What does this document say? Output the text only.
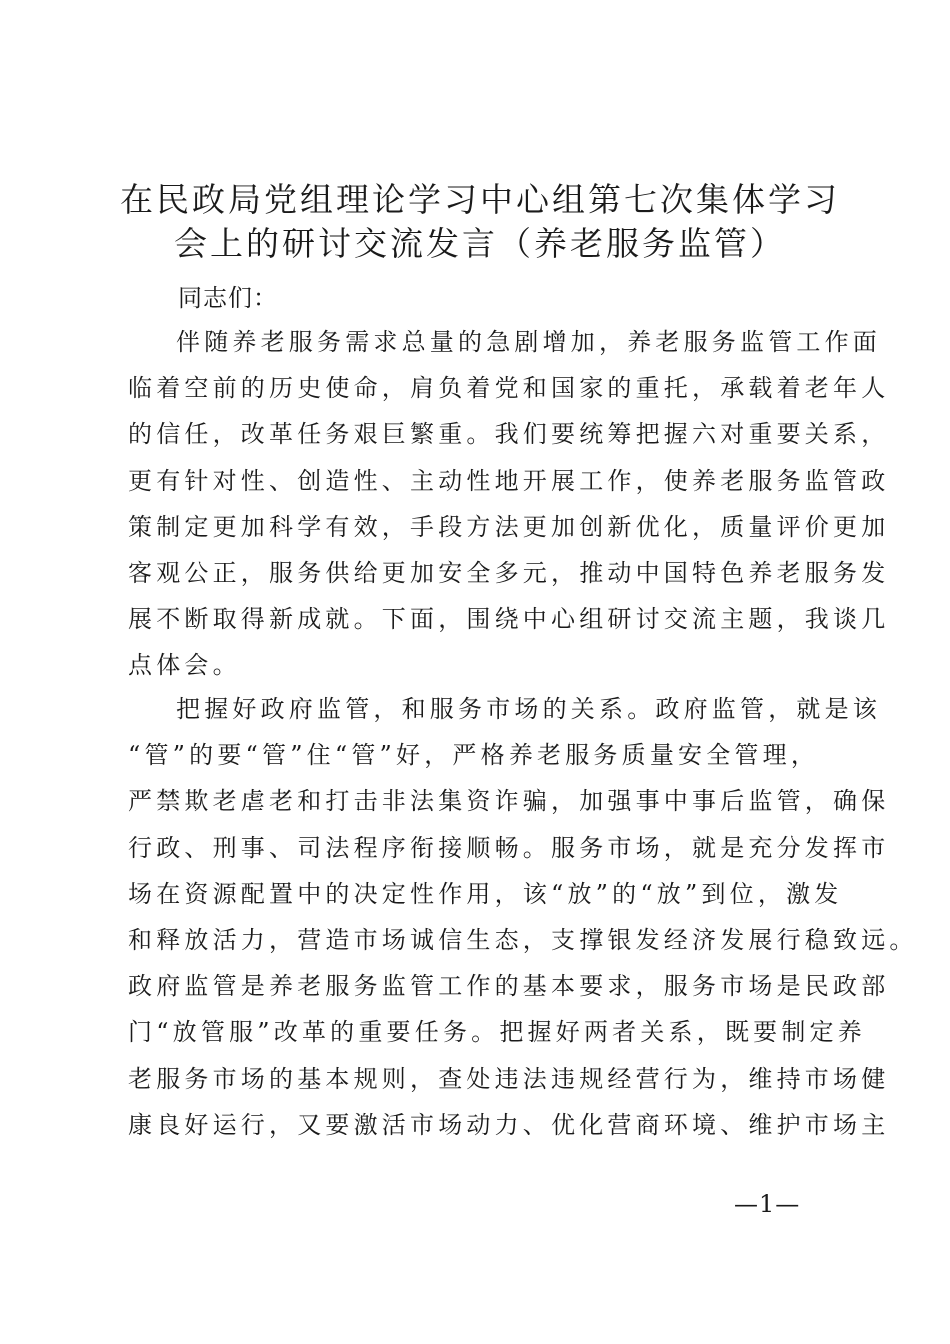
在民政局党组理论学习中心组第七次集体学习
会上的研讨交流发言（养老服务监管）
同志们：
伴随养老服务需求总量的急剧增加，养老服务监管工作面
临着空前的历史使命，肩负着党和国家的重托，承载着老年人
的信任，改革任务艰巨繁重。我们要统筹把握六对重要关系，
更有针对性、创造性、主动性地开展工作，使养老服务监管政
策制定更加科学有效，手段方法更加创新优化，质量评价更加
客观公正，服务供给更加安全多元，推动中国特色养老服务发
展不断取得新成就。下面，围绕中心组研讨交流主题，我谈几
点体会。
把握好政府监管，和服务市场的关系。政府监管，就是该
“管”的要“管”住“管”好，严格养老服务质量安全管理，
严禁欺老虐老和打击非法集资诈骗，加强事中事后监管，确保
行政、刑事、司法程序衔接顺畅。服务市场，就是充分发挥市
场在资源配置中的决定性作用，该“放”的“放”到位，激发
和释放活力，营造市场诚信生态，支撑银发经济发展行稳致远。
政府监管是养老服务监管工作的基本要求，服务市场是民政部
门“放管服”改革的重要任务。把握好两者关系，既要制定养
老服务市场的基本规则，查处违法违规经营行为，维持市场健
康良好运行，又要激活市场动力、优化营商环境、维护市场主
—1—
